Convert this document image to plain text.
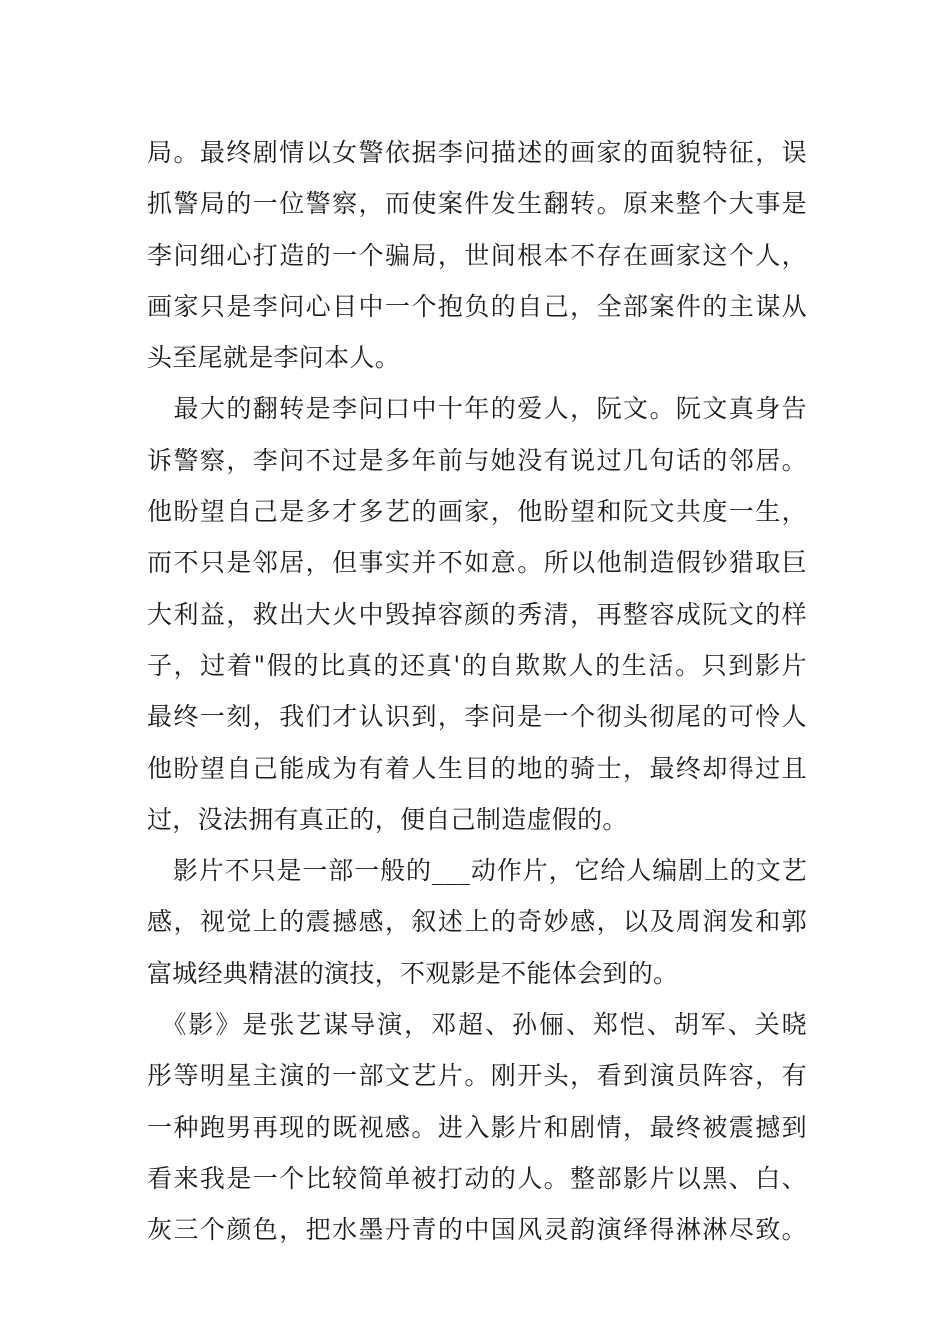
局。最终剧情以女警依据李问描述的画家的面貌特征，误
抓警局的一位警察，而使案件发生翻转。原来整个大事是
李问细心打造的一个骗局，世间根本不存在画家这个人，
画家只是李问心目中一个抱负的自己，全部案件的主谋从
头至尾就是李问本人。
　最大的翻转是李问口中十年的爱人，阮文。阮文真身告
诉警察，李问不过是多年前与她没有说过几句话的邻居。
他盼望自己是多才多艺的画家，他盼望和阮文共度一生，
而不只是邻居，但事实并不如意。所以他制造假钞猎取巨
大利益，救出大火中毁掉容颜的秀清，再整容成阮文的样
子，过着"假的比真的还真'的自欺欺人的生活。只到影片
最终一刻，我们才认识到，李问是一个彻头彻尾的可怜人
他盼望自己能成为有着人生目的地的骑士，最终却得过且
过，没法拥有真正的，便自己制造虚假的。
　影片不只是一部一般的___动作片，它给人编剧上的文艺
感，视觉上的震撼感，叙述上的奇妙感，以及周润发和郭
富城经典精湛的演技，不观影是不能体会到的。
　《影》是张艺谋导演，邓超、孙俪、郑恺、胡军、关晓
彤等明星主演的一部文艺片。刚开头，看到演员阵容，有
一种跑男再现的既视感。进入影片和剧情，最终被震撼到
看来我是一个比较简单被打动的人。整部影片以黑、白、
灰三个颜色，把水墨丹青的中国风灵韵演绎得淋淋尽致。
